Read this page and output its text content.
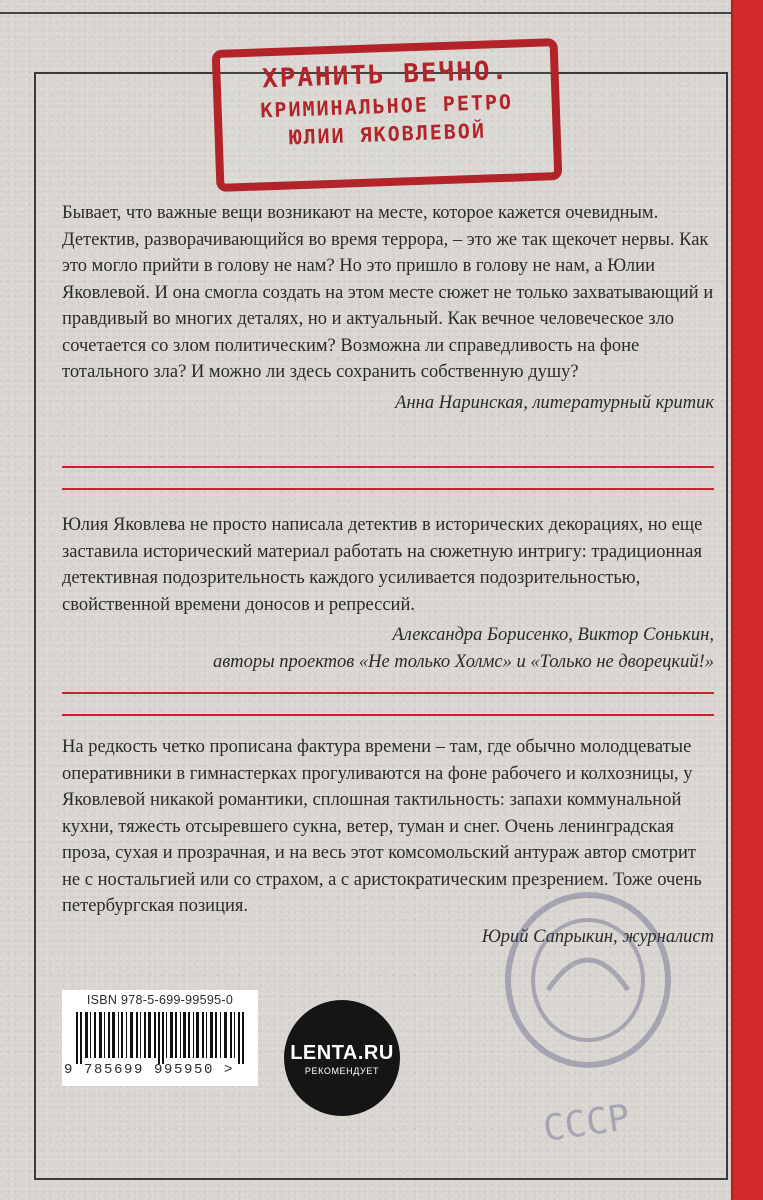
ХРАНИТЬ ВЕЧНО.
КРИМИНАЛЬНОЕ РЕТРО
ЮЛИИ ЯКОВЛЕВОЙ

Бывает, что важные вещи возникают на месте, которое кажется очевидным. Детектив, разворачивающийся во время террора, – это же так щекочет нервы. Как это могло прийти в голову не нам? Но это пришло в голову не нам, а Юлии Яковлевой. И она смогла создать на этом месте сюжет не только захватывающий и правдивый во многих деталях, но и актуальный. Как вечное человеческое зло сочетается со злом политическим? Возможна ли справедливость на фоне тотального зла? И можно ли здесь сохранить собственную душу?

Анна Наринская, литературный критик

Юлия Яковлева не просто написала детектив в исторических декорациях, но еще заставила исторический материал работать на сюжетную интригу: традиционная детективная подозрительность каждого усиливается подозрительностью, свойственной времени доносов и репрессий.

Александра Борисенко, Виктор Сонькин,
авторы проектов «Не только Холмс» и «Только не дворецкий!»

На редкость четко прописана фактура времени – там, где обычно молодцеватые оперативники в гимнастерках прогуливаются на фоне рабочего и колхозницы, у Яковлевой никакой романтики, сплошная тактильность: запахи коммунальной кухни, тяжесть отсыревшего сукна, ветер, туман и снег. Очень ленинградская проза, сухая и прозрачная, и на весь этот комсомольский антураж автор смотрит не с ностальгией или со страхом, а с аристократическим презрением. Тоже очень петербургская позиция.

Юрий Сапрыкин, журналист
СССР
ISBN 978-5-699-99595-0
9 785699 995950 >
LENTA.RU
РЕКОМЕНДУЕТ
